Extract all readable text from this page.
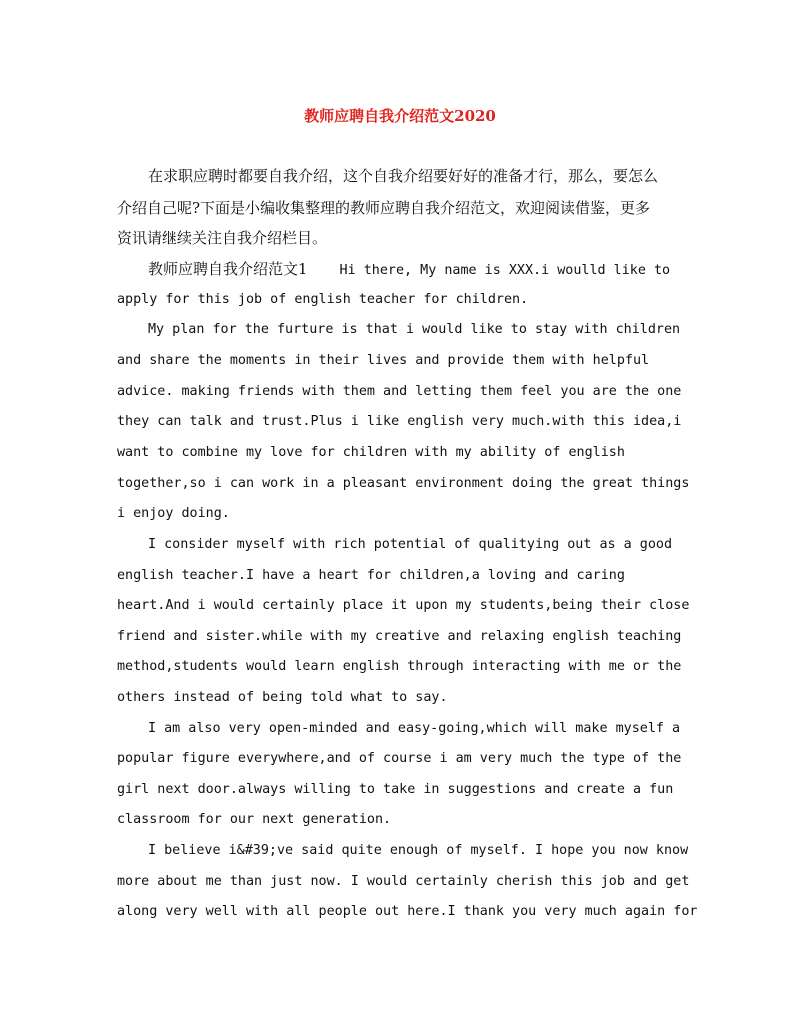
教师应聘自我介绍范文2020
在求职应聘时都要自我介绍，这个自我介绍要好好的准备才行，那么，要怎么
介绍自己呢?下面是小编收集整理的教师应聘自我介绍范文，欢迎阅读借鉴，更多
资讯请继续关注自我介绍栏目。
教师应聘自我介绍范文1 Hi there, My name is XXX.i woulld like to
apply for this job of english teacher for children.
My plan for the furture is that i would like to stay with children
and share the moments in their lives and provide them with helpful
advice. making friends with them and letting them feel you are the one
they can talk and trust.Plus i like english very much.with this idea,i
want to combine my love for children with my ability of english
together,so i can work in a pleasant environment doing the great things
i enjoy doing.
I consider myself with rich potential of qualitying out as a good
english teacher.I have a heart for children,a loving and caring
heart.And i would certainly place it upon my students,being their close
friend and sister.while with my creative and relaxing english teaching
method,students would learn english through interacting with me or the
others instead of being told what to say.
I am also very open-minded and easy-going,which will make myself a
popular figure everywhere,and of course i am very much the type of the
girl next door.always willing to take in suggestions and create a fun
classroom for our next generation.
I believe i&#39;ve said quite enough of myself. I hope you now know
more about me than just now. I would certainly cherish this job and get
along very well with all people out here.I thank you very much again for
